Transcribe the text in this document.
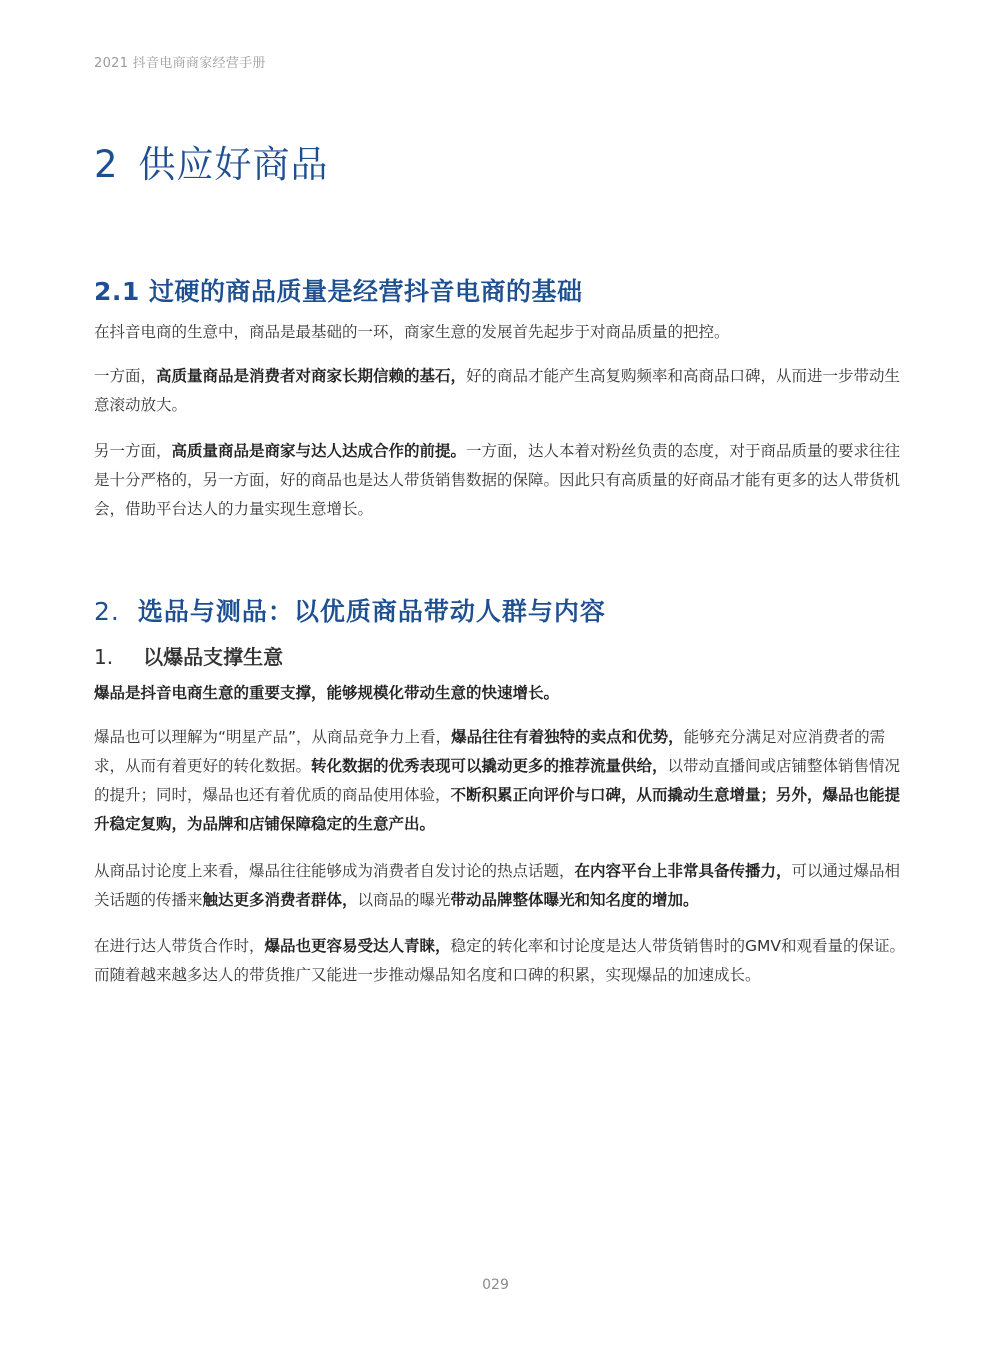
2021 抖音电商商家经营手册
2 供应好商品
2.1 过硬的商品质量是经营抖音电商的基础
在抖音电商的生意中，商品是最基础的一环，商家生意的发展首先起步于对商品质量的把控。
一方面，高质量商品是消费者对商家长期信赖的基石，好的商品才能产生高复购频率和高商品口碑，从而进一步带动生意滚动放大。
另一方面，高质量商品是商家与达人达成合作的前提。一方面，达人本着对粉丝负责的态度，对于商品质量的要求往往是十分严格的，另一方面，好的商品也是达人带货销售数据的保障。因此只有高质量的好商品才能有更多的达人带货机会，借助平台达人的力量实现生意增长。
2. 选品与测品：以优质商品带动人群与内容
1. 以爆品支撑生意
爆品是抖音电商生意的重要支撑，能够规模化带动生意的快速增长。
爆品也可以理解为“明星产品”，从商品竞争力上看，爆品往往有着独特的卖点和优势，能够充分满足对应消费者的需求，从而有着更好的转化数据。转化数据的优秀表现可以撬动更多的推荐流量供给，以带动直播间或店铺整体销售情况的提升；同时，爆品也还有着优质的商品使用体验，不断积累正向评价与口碑，从而撬动生意增量；另外，爆品也能提升稳定复购，为品牌和店铺保障稳定的生意产出。
从商品讨论度上来看，爆品往往能够成为消费者自发讨论的热点话题，在内容平台上非常具备传播力，可以通过爆品相关话题的传播来触达更多消费者群体，以商品的曝光带动品牌整体曝光和知名度的增加。
在进行达人带货合作时，爆品也更容易受达人青睐，稳定的转化率和讨论度是达人带货销售时的GMV和观看量的保证。而随着越来越多达人的带货推广又能进一步推动爆品知名度和口碑的积累，实现爆品的加速成长。
029
